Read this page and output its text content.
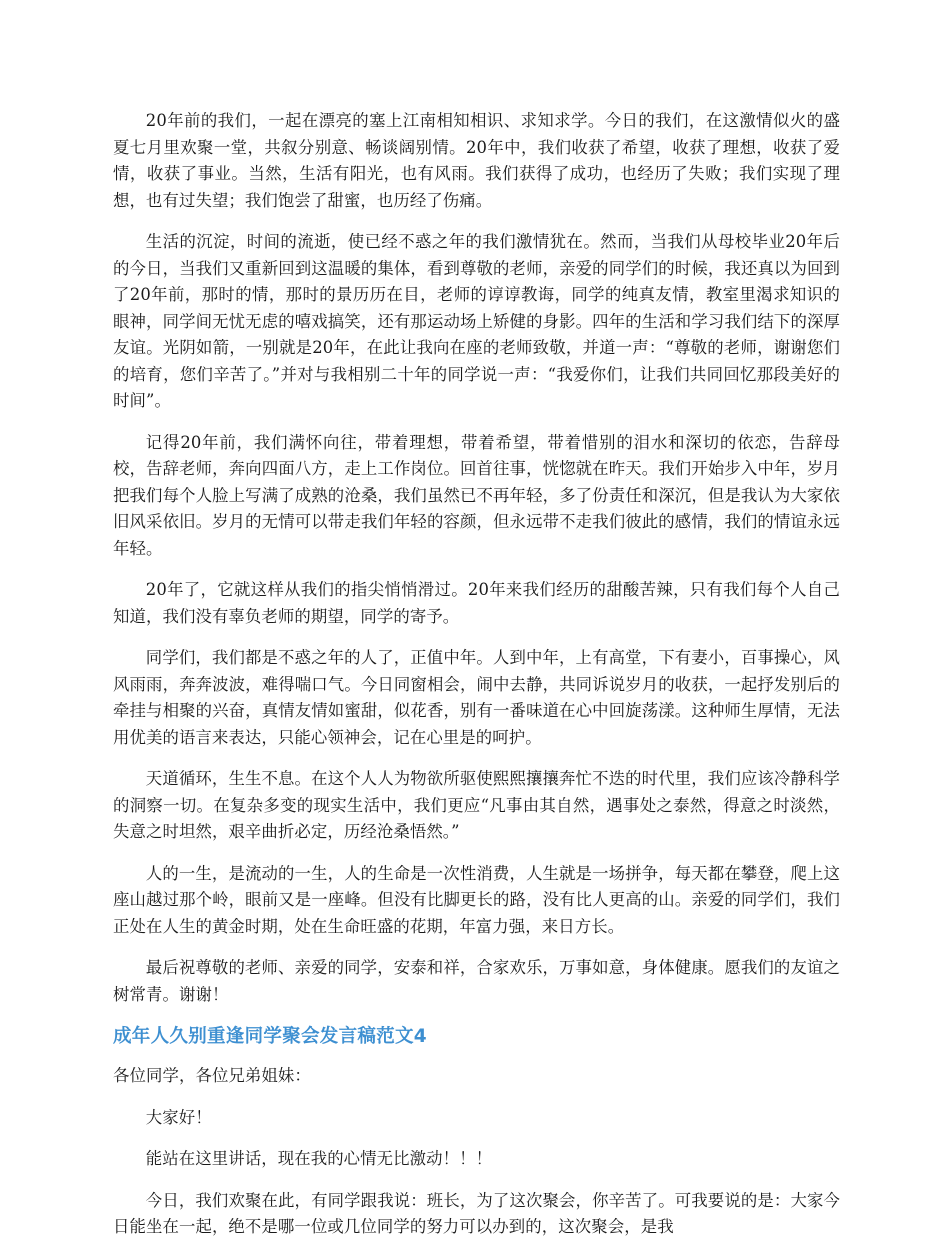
20年前的我们，一起在漂亮的塞上江南相知相识、求知求学。今日的我们，在这激情似火的盛夏七月里欢聚一堂，共叙分别意、畅谈阔别情。20年中，我们收获了希望，收获了理想，收获了爱情，收获了事业。当然，生活有阳光，也有风雨。我们获得了成功，也经历了失败；我们实现了理想，也有过失望；我们饱尝了甜蜜，也历经了伤痛。

生活的沉淀，时间的流逝，使已经不惑之年的我们激情犹在。然而，当我们从母校毕业20年后的今日，当我们又重新回到这温暖的集体，看到尊敬的老师，亲爱的同学们的时候，我还真以为回到了20年前，那时的情，那时的景历历在目，老师的谆谆教诲，同学的纯真友情，教室里渴求知识的眼神，同学间无忧无虑的嘻戏搞笑，还有那运动场上矫健的身影。四年的生活和学习我们结下的深厚友谊。光阴如箭，一别就是20年，在此让我向在座的老师致敬，并道一声：“尊敬的老师，谢谢您们的培育，您们辛苦了。”并对与我相别二十年的同学说一声：“我爱你们，让我们共同回忆那段美好的时间”。

记得20年前，我们满怀向往，带着理想，带着希望，带着惜别的泪水和深切的依恋，告辞母校，告辞老师，奔向四面八方，走上工作岗位。回首往事，恍惚就在昨天。我们开始步入中年，岁月把我们每个人脸上写满了成熟的沧桑，我们虽然已不再年轻，多了份责任和深沉，但是我认为大家依旧风采依旧。岁月的无情可以带走我们年轻的容颜，但永远带不走我们彼此的感情，我们的情谊永远年轻。

20年了，它就这样从我们的指尖悄悄滑过。20年来我们经历的甜酸苦辣，只有我们每个人自己知道，我们没有辜负老师的期望，同学的寄予。

同学们，我们都是不惑之年的人了，正值中年。人到中年，上有高堂，下有妻小，百事操心，风风雨雨，奔奔波波，难得喘口气。今日同窗相会，闹中去静，共同诉说岁月的收获，一起抒发别后的牵挂与相聚的兴奋，真情友情如蜜甜，似花香，别有一番味道在心中回旋荡漾。这种师生厚情，无法用优美的语言来表达，只能心领神会，记在心里是的呵护。

天道循环，生生不息。在这个人人为物欲所驱使熙熙攘攘奔忙不迭的时代里，我们应该冷静科学的洞察一切。在复杂多变的现实生活中，我们更应“凡事由其自然，遇事处之泰然，得意之时淡然，失意之时坦然，艰辛曲折必定，历经沧桑悟然。”

人的一生，是流动的一生，人的生命是一次性消费，人生就是一场拼争，每天都在攀登，爬上这座山越过那个岭，眼前又是一座峰。但没有比脚更长的路，没有比人更高的山。亲爱的同学们，我们正处在人生的黄金时期，处在生命旺盛的花期，年富力强，来日方长。

最后祝尊敬的老师、亲爱的同学，安泰和祥，合家欢乐，万事如意，身体健康。愿我们的友谊之树常青。谢谢！

成年人久别重逢同学聚会发言稿范文4

各位同学，各位兄弟姐妹：

大家好！

能站在这里讲话，现在我的心情无比激动！！！

今日，我们欢聚在此，有同学跟我说：班长，为了这次聚会，你辛苦了。可我要说的是：大家今日能坐在一起，绝不是哪一位或几位同学的努力可以办到的，这次聚会，是我
